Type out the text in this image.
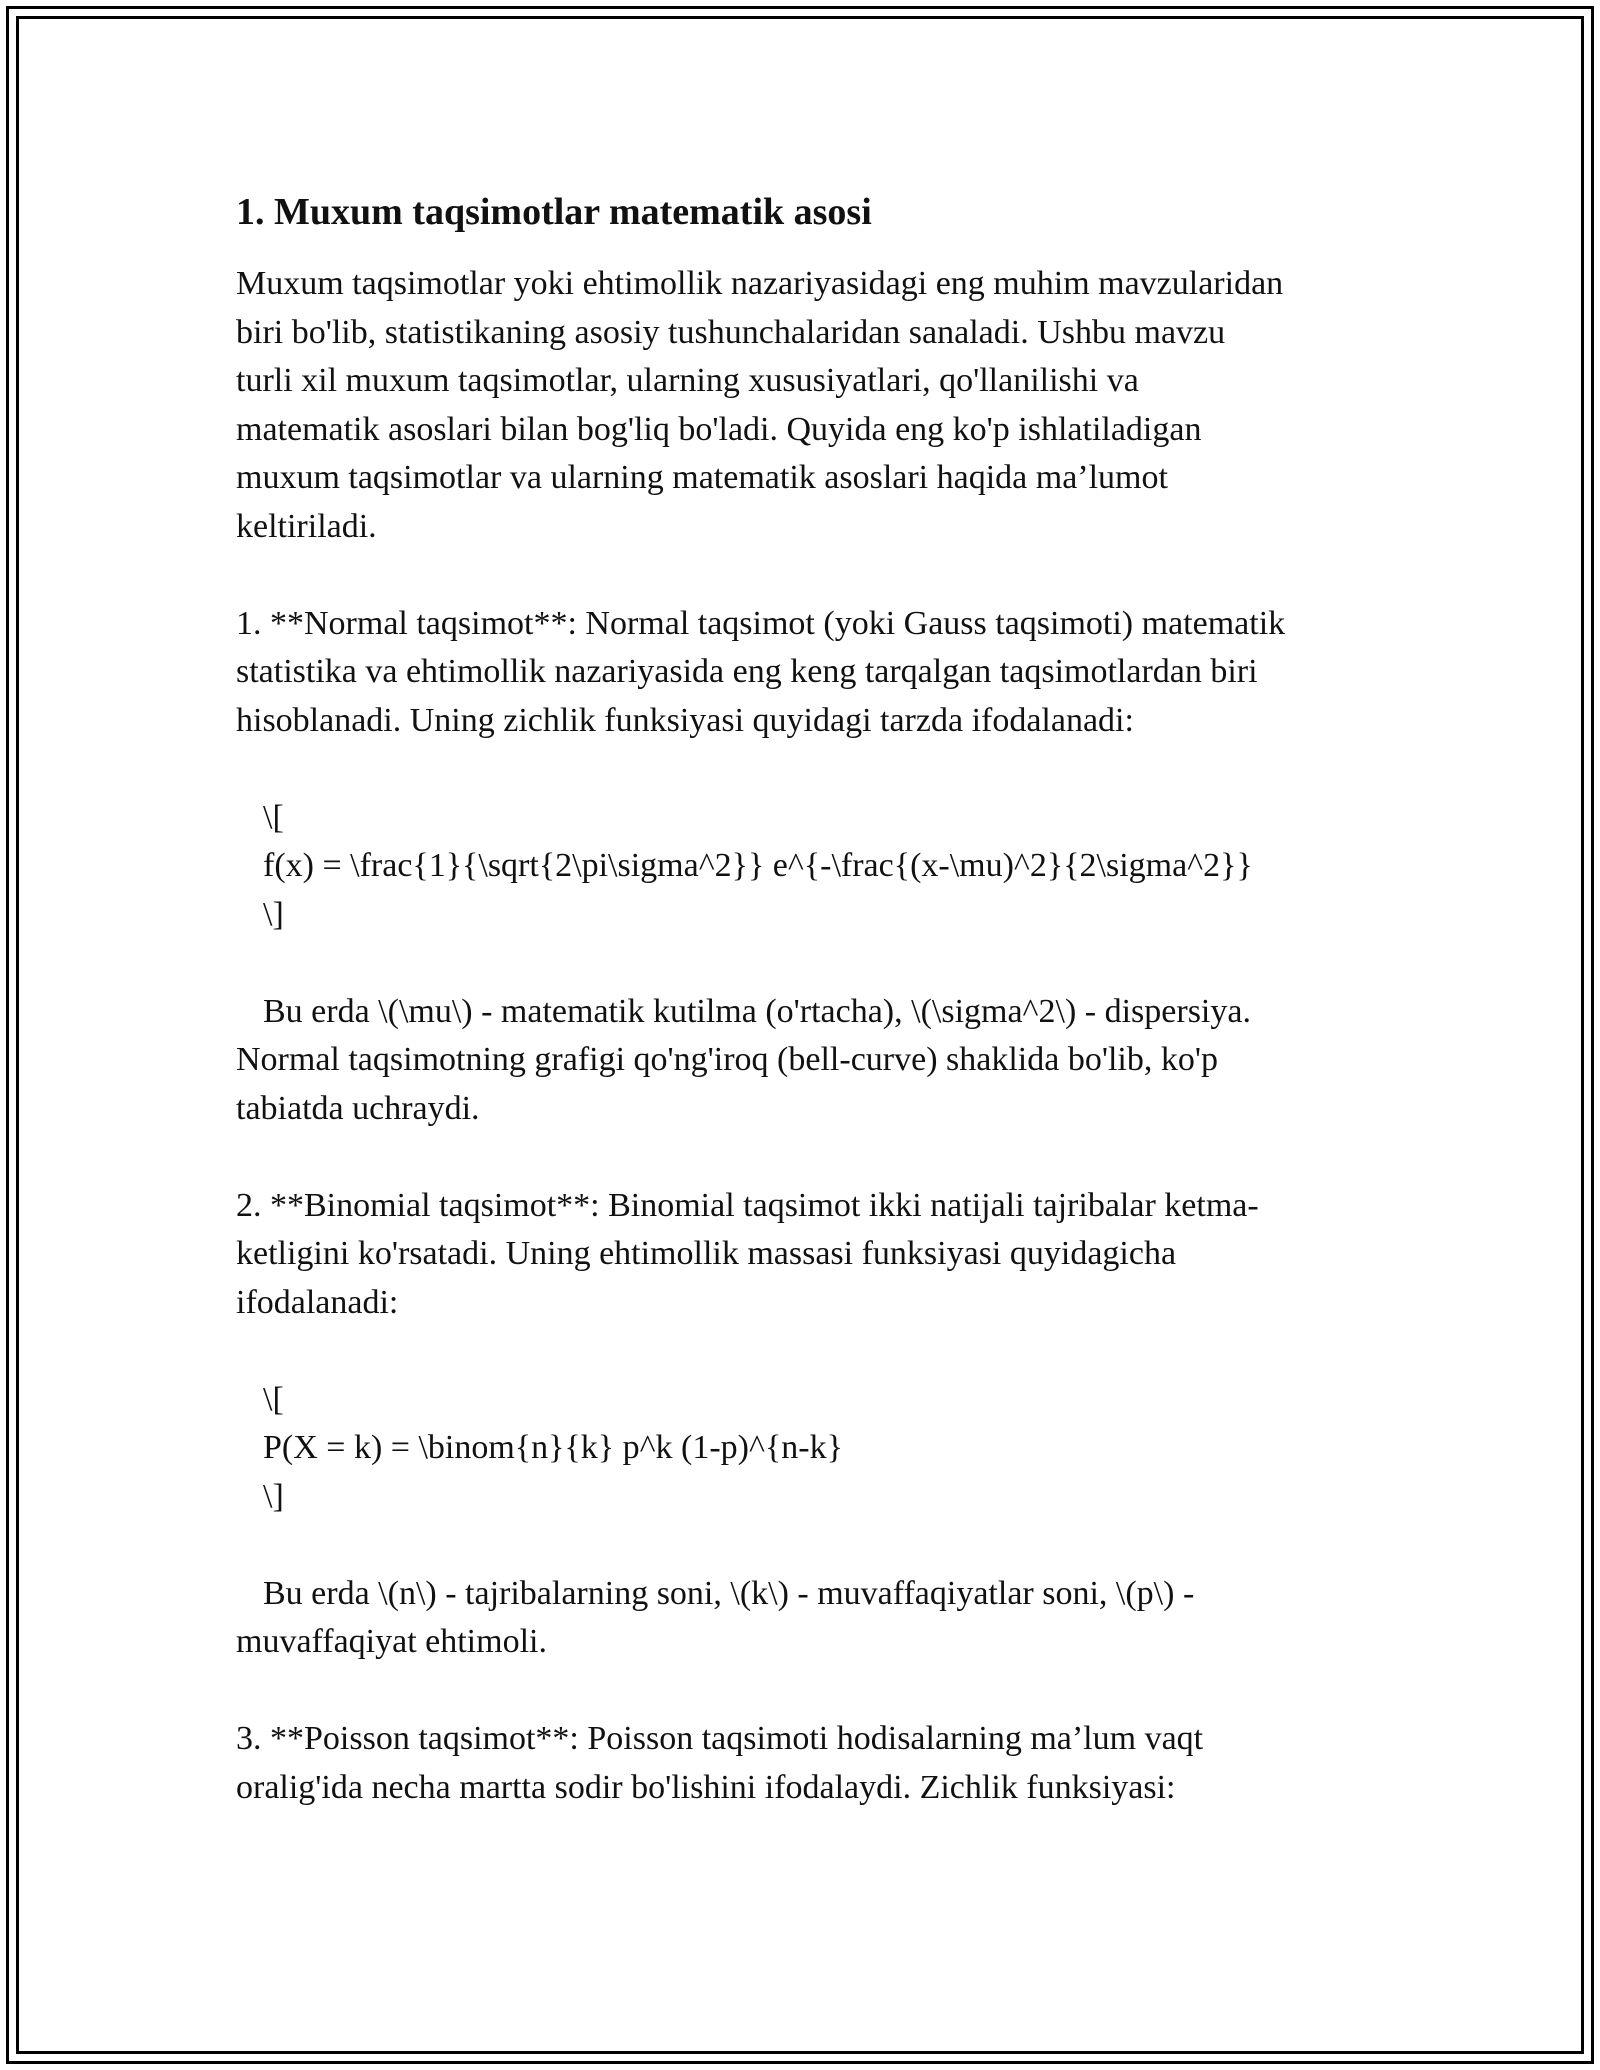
1. Muxum taqsimotlar matematik asosi

Muxum taqsimotlar yoki ehtimollik nazariyasidagi eng muhim mavzularidan

biri bo'lib, statistikaning asosiy tushunchalaridan sanaladi. Ushbu mavzu

turli xil muxum taqsimotlar, ularning xususiyatlari, qo'llanilishi va

matematik asoslari bilan bog'liq bo'ladi. Quyida eng ko'p ishlatiladigan

muxum taqsimotlar va ularning matematik asoslari haqida ma’lumot

keltiriladi.

1. **Normal taqsimot**: Normal taqsimot (yoki Gauss taqsimoti) matematik

statistika va ehtimollik nazariyasida eng keng tarqalgan taqsimotlardan biri

hisoblanadi. Uning zichlik funksiyasi quyidagi tarzda ifodalanadi:

\[

f(x) = \frac{1}{\sqrt{2\pi\sigma^2}} e^{-\frac{(x-\mu)^2}{2\sigma^2}}

\]

Bu erda \(\mu\) - matematik kutilma (o'rtacha), \(\sigma^2\) - dispersiya.

Normal taqsimotning grafigi qo'ng'iroq (bell-curve) shaklida bo'lib, ko'p

tabiatda uchraydi.

2. **Binomial taqsimot**: Binomial taqsimot ikki natijali tajribalar ketma-

ketligini ko'rsatadi. Uning ehtimollik massasi funksiyasi quyidagicha

ifodalanadi:

\[

P(X = k) = \binom{n}{k} p^k (1-p)^{n-k}

\]

Bu erda \(n\) - tajribalarning soni, \(k\) - muvaffaqiyatlar soni, \(p\) -

muvaffaqiyat ehtimoli.

3. **Poisson taqsimot**: Poisson taqsimoti hodisalarning ma’lum vaqt

oralig'ida necha martta sodir bo'lishini ifodalaydi. Zichlik funksiyasi:
